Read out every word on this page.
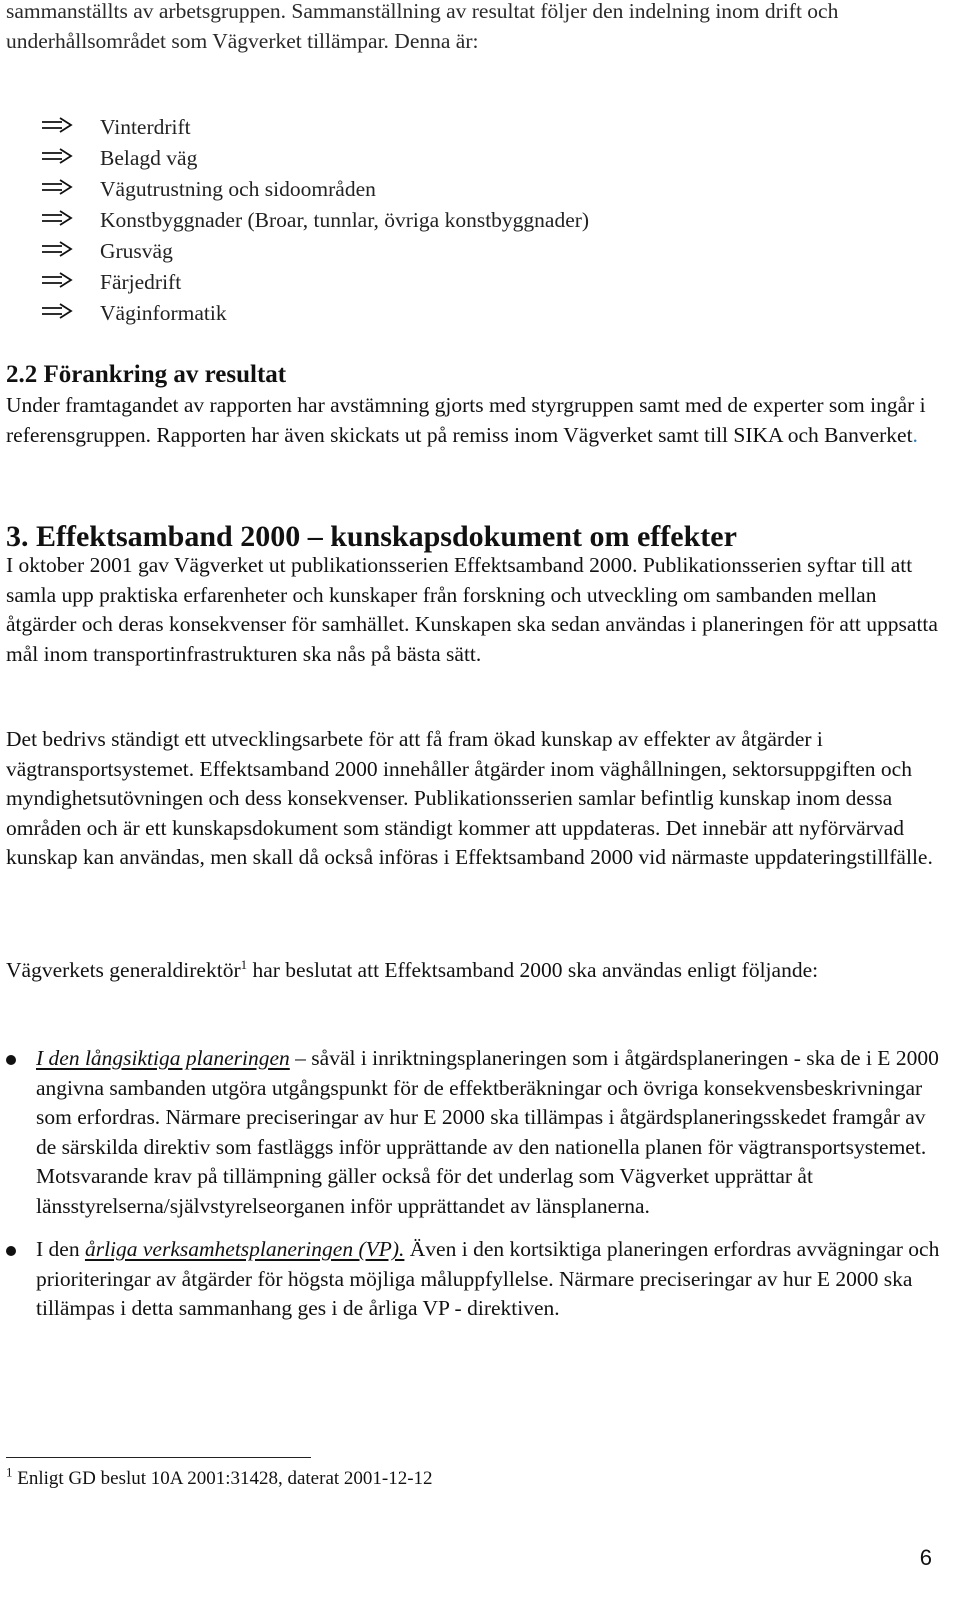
sammanställts av arbetsgruppen. Sammanställning av resultat följer den indelning inom drift och underhållsområdet som Vägverket tillämpar. Denna är:

Vinterdrift
Belagd väg
Vägutrustning och sidoområden
Konstbyggnader (Broar, tunnlar, övriga konstbyggnader)
Grusväg
Färjedrift
Väginformatik
2.2 Förankring av resultat

Under framtagandet av rapporten har avstämning gjorts med styrgruppen samt med de experter som ingår i referensgruppen. Rapporten har även skickats ut på remiss inom Vägverket samt till SIKA och Banverket.

3. Effektsamband 2000 – kunskapsdokument om effekter

I oktober 2001 gav Vägverket ut publikationsserien Effektsamband 2000. Publikationsserien syftar till att samla upp praktiska erfarenheter och kunskaper från forskning och utveckling om sambanden mellan åtgärder och deras konsekvenser för samhället. Kunskapen ska sedan användas i planeringen för att uppsatta mål inom transportinfrastrukturen ska nås på bästa sätt.

Det bedrivs ständigt ett utvecklingsarbete för att få fram ökad kunskap av effekter av åtgärder i vägtransportsystemet. Effektsamband 2000 innehåller åtgärder inom väghållningen, sektorsuppgiften och myndighetsutövningen och dess konsekvenser. Publikationsserien samlar befintlig kunskap inom dessa områden och är ett kunskapsdokument som ständigt kommer att uppdateras. Det innebär att nyförvärvad kunskap kan användas, men skall då också införas i Effektsamband 2000 vid närmaste uppdateringstillfälle.

Vägverkets generaldirektör$^1$ har beslutat att Effektsamband 2000 ska användas enligt följande:

I den långsiktiga planeringen – såväl i inriktningsplaneringen som i åtgärdsplaneringen - ska de i E 2000 angivna sambanden utgöra utgångspunkt för de effektberäkningar och övriga konsekvensbeskrivningar som erfordras. Närmare preciseringar av hur E 2000 ska tillämpas i åtgärdsplaneringsskedet framgår av de särskilda direktiv som fastläggs inför upprättande av den nationella planen för vägtransportsystemet. Motsvarande krav på tillämpning gäller också för det underlag som Vägverket upprättar åt länsstyrelserna/självstyrelseorganen inför upprättandet av länsplanerna.
I den årliga verksamhetsplaneringen (VP). Även i den kortsiktiga planeringen erfordras avvägningar och prioriteringar av åtgärder för högsta möjliga måluppfyllelse. Närmare preciseringar av hur E 2000 ska tillämpas i detta sammanhang ges i de årliga VP - direktiven.
$^1$ Enligt GD beslut 10A 2001:31428, daterat 2001-12-12
6
